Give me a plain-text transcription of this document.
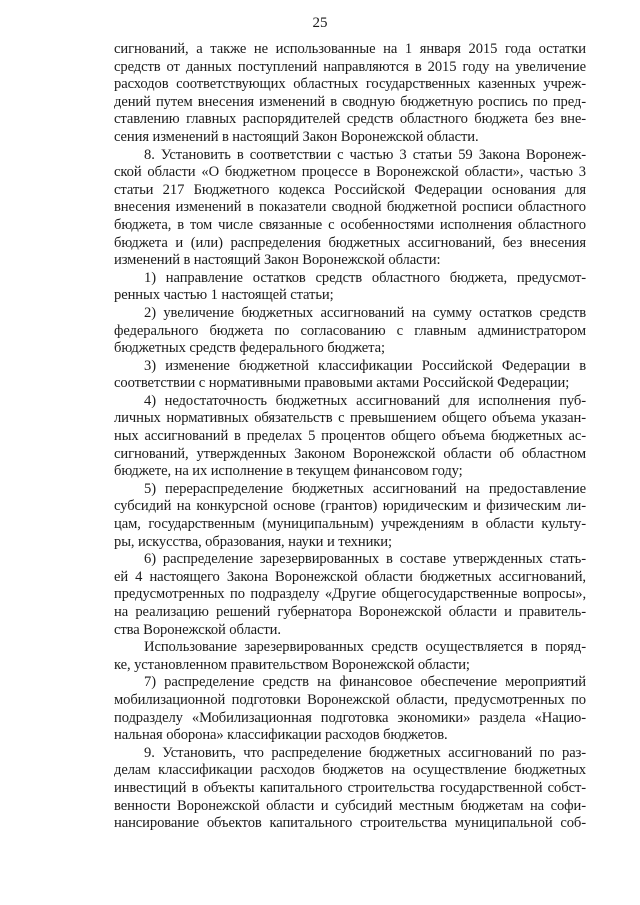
25
сигнований, а также не использованные на 1 января 2015 года остатки
средств от данных поступлений направляются в 2015 году на увеличение
расходов соответствующих областных государственных казенных учреж-
дений путем внесения изменений в сводную бюджетную роспись по пред-
ставлению главных распорядителей средств областного бюджета без вне-
сения изменений в настоящий Закон Воронежской области.
8. Установить в соответствии с частью 3 статьи 59 Закона Воронеж-
ской области «О бюджетном процессе в Воронежской области», частью 3
статьи 217 Бюджетного кодекса Российской Федерации основания для
внесения изменений в показатели сводной бюджетной росписи областного
бюджета, в том числе связанные с особенностями исполнения областного
бюджета и (или) распределения бюджетных ассигнований, без внесения
изменений в настоящий Закон Воронежской области:
1) направление остатков средств областного бюджета, предусмот-
ренных частью 1 настоящей статьи;
2) увеличение бюджетных ассигнований на сумму остатков средств
федерального бюджета по согласованию с главным администратором
бюджетных средств федерального бюджета;
3) изменение бюджетной классификации Российской Федерации в
соответствии с нормативными правовыми актами Российской Федерации;
4) недостаточность бюджетных ассигнований для исполнения пуб-
личных нормативных обязательств с превышением общего объема указан-
ных ассигнований в пределах 5 процентов общего объема бюджетных ас-
сигнований, утвержденных Законом Воронежской области об областном
бюджете, на их исполнение в текущем финансовом году;
5) перераспределение бюджетных ассигнований на предоставление
субсидий на конкурсной основе (грантов) юридическим и физическим ли-
цам, государственным (муниципальным) учреждениям в области культу-
ры, искусства, образования, науки и техники;
6) распределение зарезервированных в составе утвержденных стать-
ей 4 настоящего Закона Воронежской области бюджетных ассигнований,
предусмотренных по подразделу «Другие общегосударственные вопросы»,
на реализацию решений губернатора Воронежской области и правитель-
ства Воронежской области.
Использование зарезервированных средств осуществляется в поряд-
ке, установленном правительством Воронежской области;
7) распределение средств на финансовое обеспечение мероприятий
мобилизационной подготовки Воронежской области, предусмотренных по
подразделу «Мобилизационная подготовка экономики» раздела «Нацио-
нальная оборона» классификации расходов бюджетов.
9. Установить, что распределение бюджетных ассигнований по раз-
делам классификации расходов бюджетов на осуществление бюджетных
инвестиций в объекты капитального строительства государственной собст-
венности Воронежской области и субсидий местным бюджетам на софи-
нансирование объектов капитального строительства муниципальной соб-
